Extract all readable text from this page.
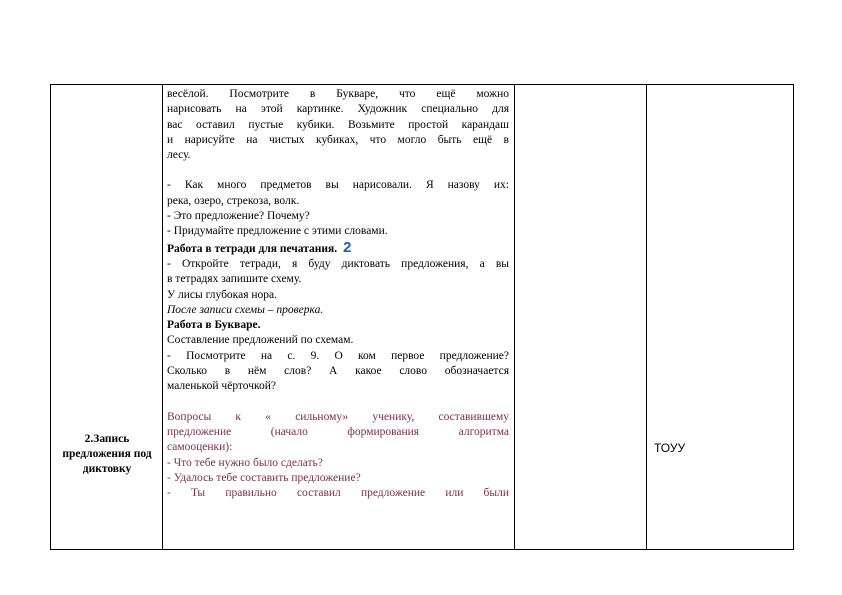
2.Запись предложения под диктовку

весёлой. Посмотрите в Букваре, что ещё можно

нарисовать на этой картинке. Художник специально для

вас оставил пустые кубики. Возьмите простой карандаш

и нарисуйте на чистых кубиках, что могло быть ещё в

лесу.

- Как много предметов вы нарисовали. Я назову их:

река, озеро, стрекоза, волк.

- Это предложение? Почему?

- Придумайте предложение с этими словами.

Работа в тетради для печатания. 2

- Откройте тетради, я буду диктовать предложения, а вы

в тетрадях запишите схему.

У лисы глубокая нора.

После записи схемы – проверка.

Работа в Букваре.

Составление предложений по схемам.

- Посмотрите на с. 9. О ком первое предложение?

Сколько в нём слов? А какое слово обозначается

маленькой чёрточкой?

Вопросы к « сильному» ученику, составившему

предложение (начало формирования алгоритма

самооценки):

- Что тебе нужно было сделать?

- Удалось тебе составить предложение?

- Ты правильно составил предложение или были

ТОУУ
